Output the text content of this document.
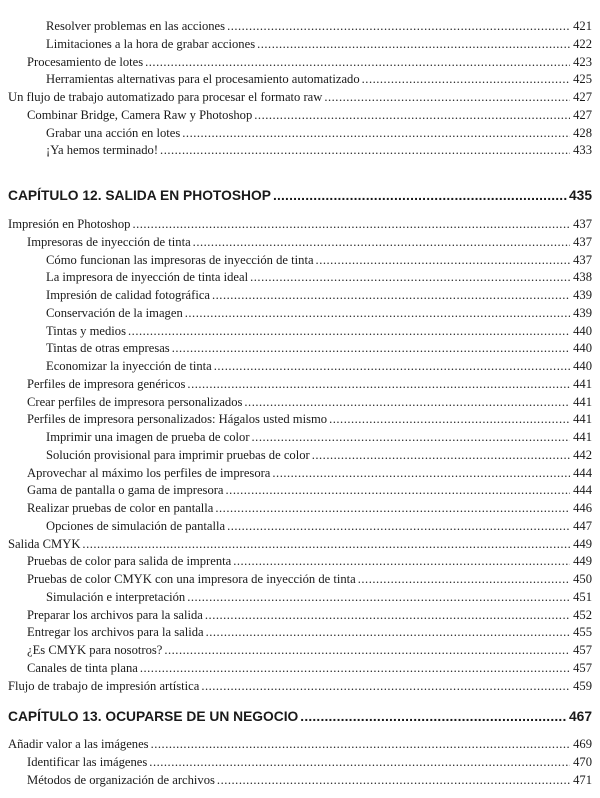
Resolver problemas en las acciones .....	421
Limitaciones a la hora de grabar acciones .....	422
Procesamiento de lotes .....	423
Herramientas alternativas para el procesamiento automatizado .....	425
Un flujo de trabajo automatizado para procesar el formato raw .....	427
Combinar Bridge, Camera Raw y Photoshop .....	427
Grabar una acción en lotes .....	428
¡Ya hemos terminado! .....	433
CAPÍTULO 12. SALIDA EN PHOTOSHOP .....	435
Impresión en Photoshop .....	437
Impresoras de inyección de tinta .....	437
Cómo funcionan las impresoras de inyección de tinta .....	437
La impresora de inyección de tinta ideal .....	438
Impresión de calidad fotográfica .....	439
Conservación de la imagen .....	439
Tintas y medios .....	440
Tintas de otras empresas .....	440
Economizar la inyección de tinta .....	440
Perfiles de impresora genéricos .....	441
Crear perfiles de impresora personalizados .....	441
Perfiles de impresora personalizados: Hágalos usted mismo .....	441
Imprimir una imagen de prueba de color .....	441
Solución provisional para imprimir pruebas de color .....	442
Aprovechar al máximo los perfiles de impresora .....	444
Gama de pantalla o gama de impresora .....	444
Realizar pruebas de color en pantalla .....	446
Opciones de simulación de pantalla .....	447
Salida CMYK .....	449
Pruebas de color para salida de imprenta .....	449
Pruebas de color CMYK con una impresora de inyección de tinta .....	450
Simulación e interpretación .....	451
Preparar los archivos para la salida .....	452
Entregar los archivos para la salida .....	455
¿Es CMYK para nosotros? .....	457
Canales de tinta plana .....	457
Flujo de trabajo de impresión artística .....	459
CAPÍTULO 13. OCUPARSE DE UN NEGOCIO .....	467
Añadir valor a las imágenes .....	469
Identificar las imágenes .....	470
Métodos de organización de archivos .....	471
